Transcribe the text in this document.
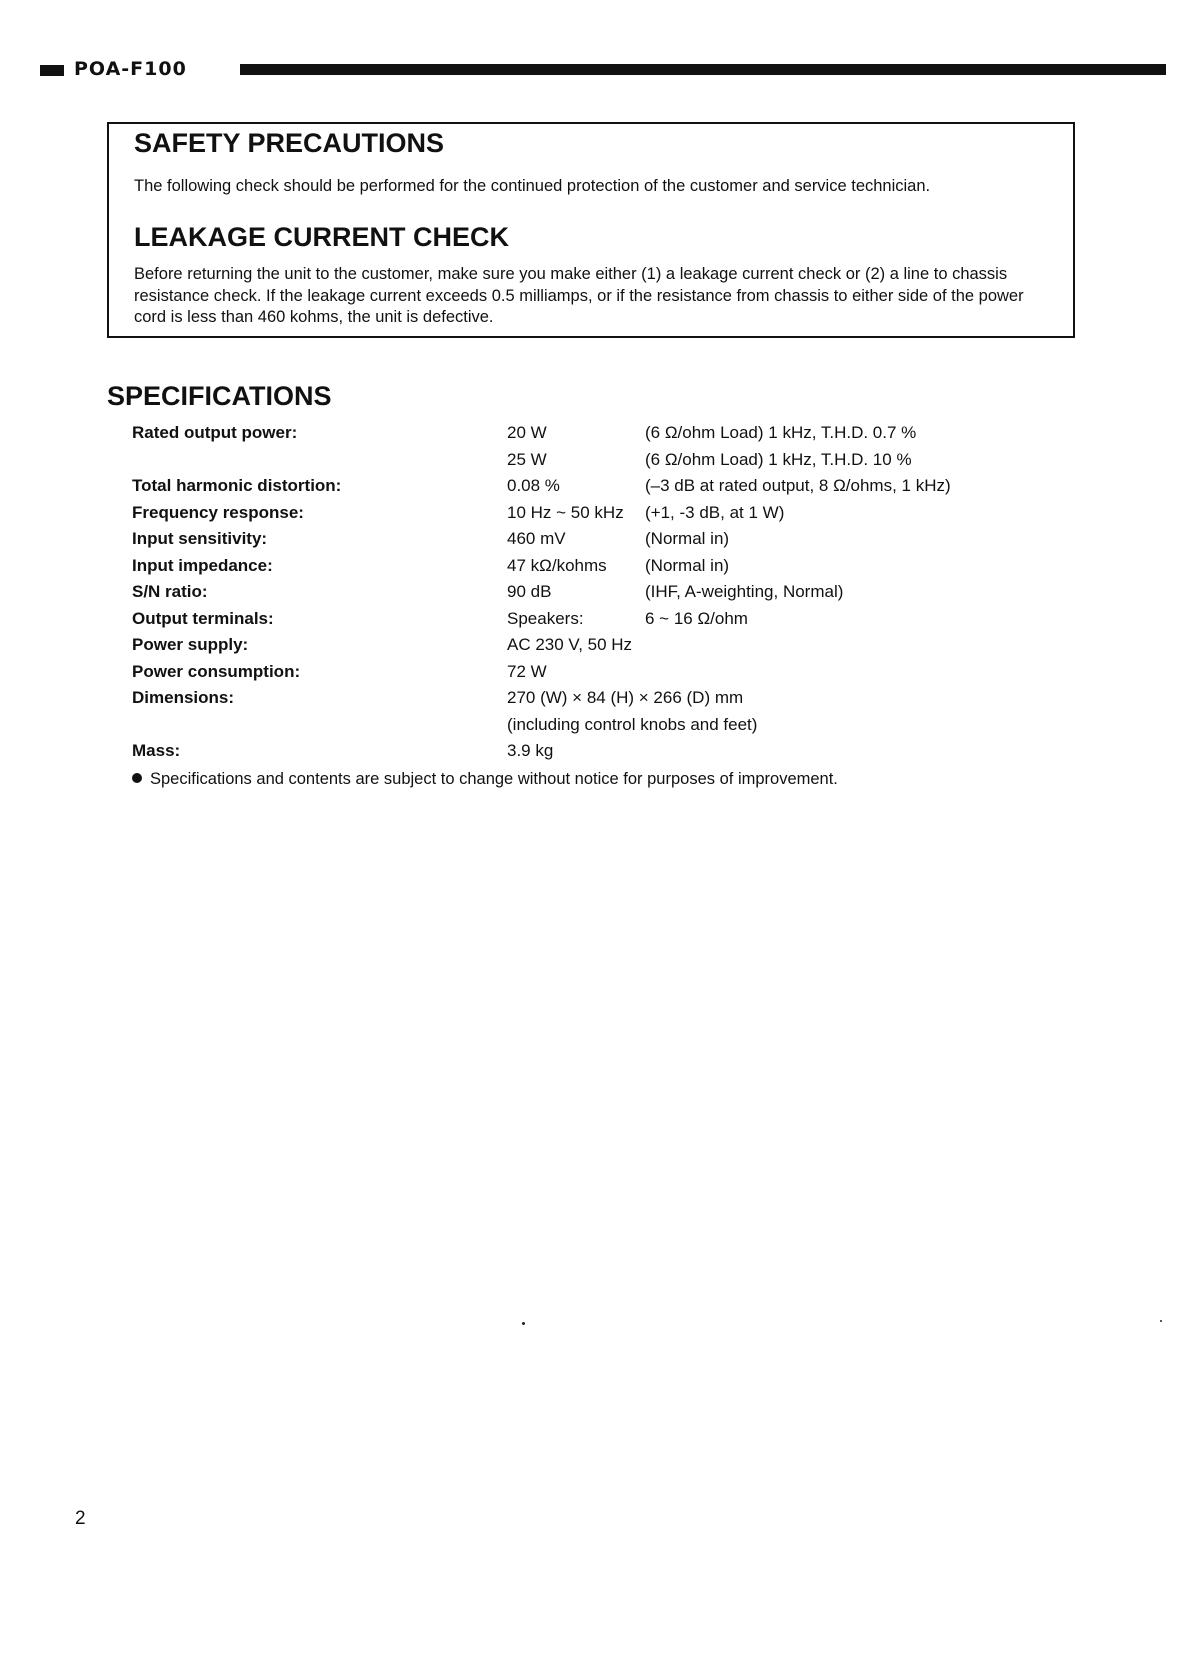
POA-F100
SAFETY PRECAUTIONS

The following check should be performed for the continued protection of the customer and service technician.

LEAKAGE CURRENT CHECK

Before returning the unit to the customer, make sure you make either (1) a leakage current check or (2) a line to chassis resistance check. If the leakage current exceeds 0.5 milliamps, or if the resistance from chassis to either side of the power cord is less than 460 kohms, the unit is defective.

SPECIFICATIONS
Rated output power:	20 W	(6 Ω/ohm Load) 1 kHz, T.H.D. 0.7 %
	25 W	(6 Ω/ohm Load) 1 kHz, T.H.D. 10 %
Total harmonic distortion:	0.08 %	(–3 dB at rated output, 8 Ω/ohms, 1 kHz)
Frequency response:	10 Hz ~ 50 kHz	(+1, -3 dB, at 1 W)
Input sensitivity:	460 mV	(Normal in)
Input impedance:	47 kΩ/kohms	(Normal in)
S/N ratio:	90 dB	(IHF, A-weighting, Normal)
Output terminals:	Speakers:	6 ~ 16 Ω/ohm
Power supply:	AC 230 V, 50 Hz	
Power consumption:	72 W	
Dimensions:	270 (W) × 84 (H) × 266 (D) mm	
	(including control knobs and feet)	
Mass:	3.9 kg	

Specifications and contents are subject to change without notice for purposes of improvement.

2
